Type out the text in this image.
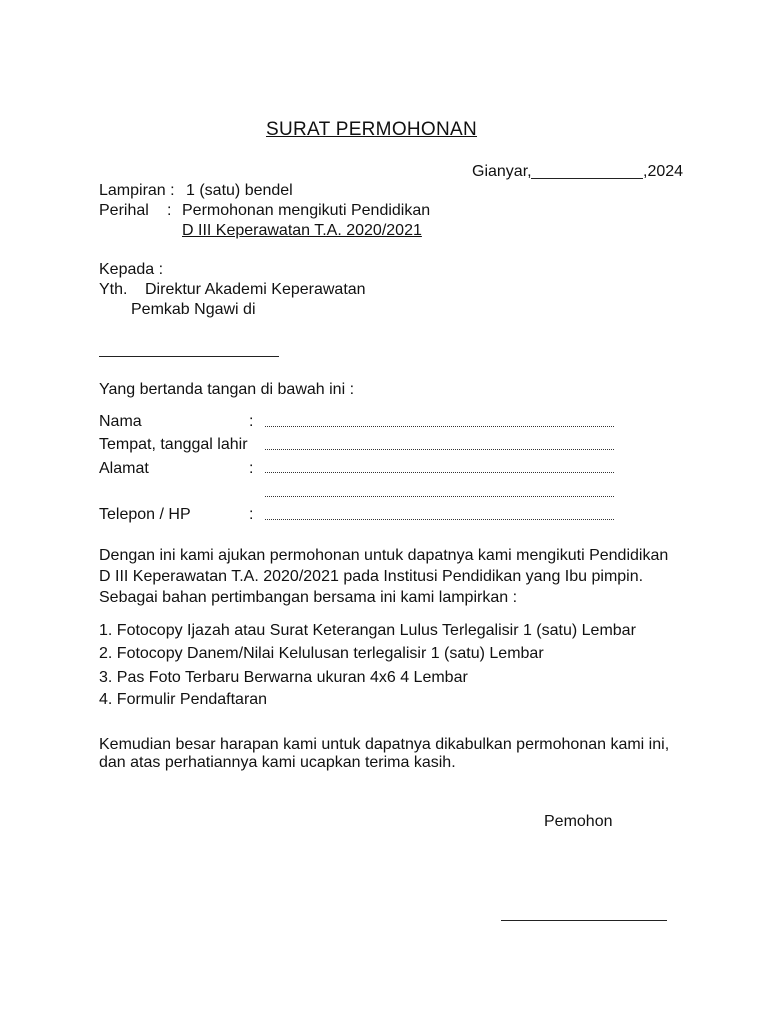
SURAT PERMOHONAN
Gianyar,	,2024
Lampiran : 1 (satu) bendel
Perihal : Permohonan mengikuti Pendidikan
D III Keperawatan T.A. 2020/2021
Kepada :
Yth. Direktur Akademi Keperawatan
Pemkab Ngawi di
Yang bertanda tangan di bawah ini :
Nama	:
Tempat, tanggal lahir
Alamat	:
Telepon / HP	:
Dengan ini kami ajukan permohonan untuk dapatnya kami mengikuti Pendidikan
D III Keperawatan T.A. 2020/2021 pada Institusi Pendidikan yang Ibu pimpin.
Sebagai bahan pertimbangan bersama ini kami lampirkan :
1. Fotocopy Ijazah atau Surat Keterangan Lulus Terlegalisir 1 (satu) Lembar
2. Fotocopy Danem/Nilai Kelulusan terlegalisir 1 (satu) Lembar
3. Pas Foto Terbaru Berwarna ukuran 4x6 4 Lembar
4. Formulir Pendaftaran
Kemudian besar harapan kami untuk dapatnya dikabulkan permohonan kami ini,
dan atas perhatiannya kami ucapkan terima kasih.
Pemohon
